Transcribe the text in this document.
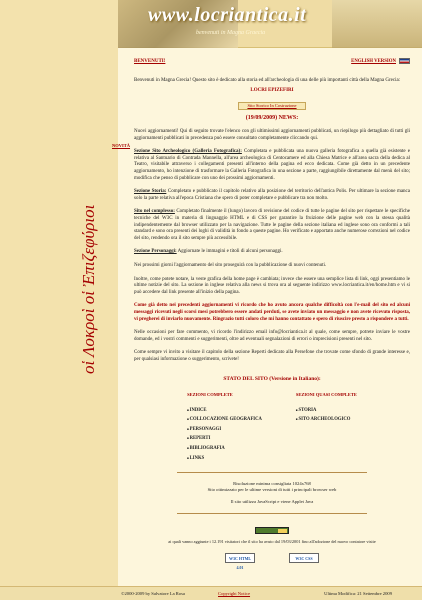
οἱ Λοκροὶ οἱ Ἐπιζεφύριοι
www.locriantica.it
benvenuti in Magna Graecia
NOVITÀ
BENVENUTI!	ENGLISH VERSION
Benvenuti in Magna Grecia! Questo sito è dedicato alla storia ed all'archeologia di una delle più importanti città della Magna Grecia:
LOCRI EPIZEFIRI
Sito Storico In Costruzione
(19/09/2009) NEWS:

Nuovi aggiornamenti! Qui di seguito trovate l'elenco con gli ultimissimi aggiornamenti pubblicati, un riepilogo più dettagliato di tutti gli aggiornamenti pubblicati in precedenza può essere consultato completamente cliccando qui.

Sezione Sito Archeologico (Galleria Fotografica): Completata e pubblicata una nuova galleria fotografica a quella già esistente e relativa al Santuario di Contrada Mannella, all'area archeologica di Centocamere ed alla Chiesa Matrice e all'area sacra della dedica al Teatro, visitabile attraverso i collegamenti presenti all'interno della pagina ed ecco dedicata. Come già detto in un precedente aggiornamento, ho intenzione di trasformare la Galleria Fotografica in una sezione a parte, raggiungibile direttamente dal menù del sito; modifica che penso di pubblicare con uno dei prossimi aggiornamenti.

Sezione Storia: Completato e pubblicato il capitolo relativo alla posizione del territorio dell'antica Polis. Per ultimare la sezione manca solo la parte relativa all'epoca Cristiana che spero di poter completare e pubblicare tra non molto.

Sito nel complesso: Completato finalmente il (lungo) lavoro di revisione del codice di tutte le pagine del sito per rispettare le specifiche tecniche del W3C in materia di linguaggio HTML e di CSS per garantire la fruizione delle pagine web con la stessa qualità indipendentemente dal browser utilizzato per la navigazione. Tutte le pagine della sezione italiana ed inglese sono ora conformi a tali standard e sono ora presenti dei loghi di validità in fondo a queste pagine. Ho verificato e apportato anche numerose correzioni nel codice del sito, rendendo ora il sito sempre più accessibile.

Sezione Personaggi: Aggiornate le immagini e titoli di alcuni personaggi.

Nei prossimi giorni l'aggiornamento del sito proseguirà con la pubblicazione di nuovi contenuti.

Inoltre, come potete notare, la veste grafica della home page è cambiata; invece che essere una semplice lista di link, oggi presentiamo le ultime notizie del sito. La sezione in inglese relativa alla news si trova ora al seguente indirizzo www.locriantica.it/en/home.htm e vi si può accedere dal link presente all'inizio della pagina.

Come già detto nei precedenti aggiornamenti vi ricordo che ho avuto ancora qualche difficoltà con l'e-mail del sito ed alcuni messaggi ricevuti negli scorsi mesi potrebbero essere andati perduti, se avete inviato un messaggio e non avete ricevuto risposta, vi pregherei di inviarlo nuovamente. Ringrazio tutti coloro che mi hanno contattato e spero di riuscire presto a rispondere a tutti.

Nelle occasioni per fare commento, vi ricordo l'indirizzo email info@locriantica.it al quale, come sempre, potrete inviare le vostre domande, ed i vostri commenti e suggerimenti, oltre ad eventuali segnalazioni di errori o imprecisioni presenti nel sito.

Come sempre vi invito a visitare il capitolo della sezione Reperti dedicato alla Persefone che trovate come sfondo di grande interesse e, per qualsiasi informazione o suggerimento, scrivete!

STATO DEL SITO (Versione in Italiano):
SEZIONI COMPLETE
■ INDICE
■ COLLOCAZIONE GEOGRAFICA
■ PERSONAGGI
■ REPERTI
■ BIBLIOGRAFIA
■ LINKS
SEZIONI QUASI COMPLETE
■ STORIA
■ SITO ARCHEOLOGICO
Risoluzione minima consigliata 1024x768
Sito ottimizzato per le ultime versioni di tutti i principali browser web
Il sito utilizza JavaScript e viene Applet Java
ai quali vanno aggiunte i 12.191 visitatori che il sito ha avuto dal 19/03/2001 fino all'adozione del nuovo contatore visite
W3C HTML 4.01
W3C CSS
©2000-2009 by Salvatore La Rosa	Copyright Notice	Ultima Modifica: 21 Settembre 2009
